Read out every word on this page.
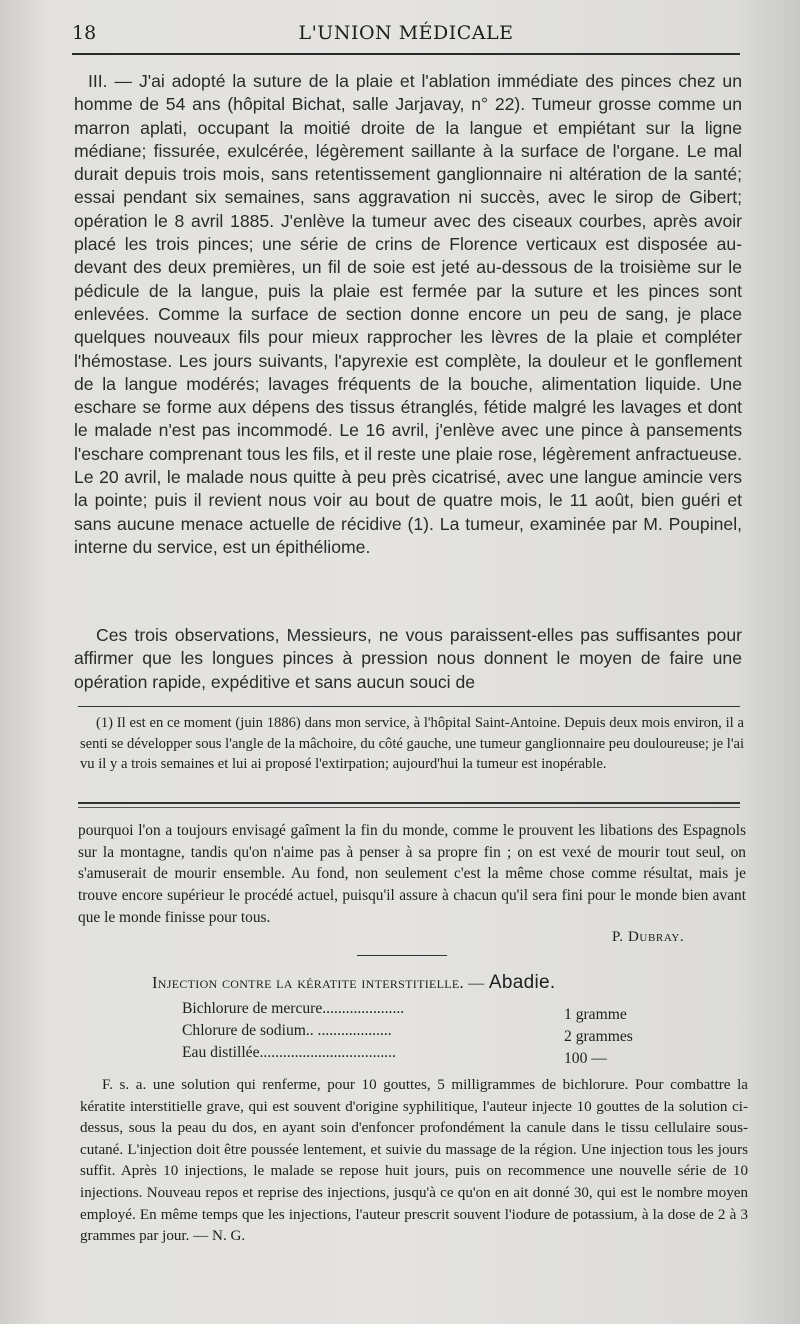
18	L'UNION MÉDICALE

III. — J'ai adopté la suture de la plaie et l'ablation immédiate des pinces chez un homme de 54 ans (hôpital Bichat, salle Jarjavay, n° 22). Tumeur grosse comme un marron aplati, occupant la moitié droite de la langue et empiétant sur la ligne médiane; fissurée, exulcérée, légèrement saillante à la surface de l'organe. Le mal durait depuis trois mois, sans retentissement ganglionnaire ni altération de la santé; essai pendant six semaines, sans aggravation ni succès, avec le sirop de Gibert; opération le 8 avril 1885. J'enlève la tumeur avec des ciseaux courbes, après avoir placé les trois pinces; une série de crins de Florence verticaux est disposée au-devant des deux premières, un fil de soie est jeté au-dessous de la troisième sur le pédicule de la langue, puis la plaie est fermée par la suture et les pinces sont enlevées. Comme la surface de section donne encore un peu de sang, je place quelques nouveaux fils pour mieux rapprocher les lèvres de la plaie et compléter l'hémostase. Les jours suivants, l'apyrexie est complète, la douleur et le gonflement de la langue modérés; lavages fréquents de la bouche, alimentation liquide. Une eschare se forme aux dépens des tissus étranglés, fétide malgré les lavages et dont le malade n'est pas incommodé. Le 16 avril, j'enlève avec une pince à pansements l'eschare comprenant tous les fils, et il reste une plaie rose, légèrement anfractueuse. Le 20 avril, le malade nous quitte à peu près cicatrisé, avec une langue amincie vers la pointe; puis il revient nous voir au bout de quatre mois, le 11 août, bien guéri et sans aucune menace actuelle de récidive (1). La tumeur, examinée par M. Poupinel, interne du service, est un épithéliome.

Ces trois observations, Messieurs, ne vous paraissent-elles pas suffisantes pour affirmer que les longues pinces à pression nous donnent le moyen de faire une opération rapide, expéditive et sans aucun souci de

(1) Il est en ce moment (juin 1886) dans mon service, à l'hôpital Saint-Antoine. Depuis deux mois environ, il a senti se développer sous l'angle de la mâchoire, du côté gauche, une tumeur ganglionnaire peu douloureuse; je l'ai vu il y a trois semaines et lui ai proposé l'extirpation; aujourd'hui la tumeur est inopérable.

pourquoi l'on a toujours envisagé gaîment la fin du monde, comme le prouvent les libations des Espagnols sur la montagne, tandis qu'on n'aime pas à penser à sa propre fin ; on est vexé de mourir tout seul, on s'amuserait de mourir ensemble. Au fond, non seulement c'est la même chose comme résultat, mais je trouve encore supérieur le procédé actuel, puisqu'il assure à chacun qu'il sera fini pour le monde bien avant que le monde finisse pour tous.

P. Dubray.
Injection contre la kératite interstitielle. — Abadie.
Bichlorure de mercure.....................	1 gramme
Chlorure de sodium.. ...................	2 grammes
Eau distillée...................................	100 —

F. s. a. une solution qui renferme, pour 10 gouttes, 5 milligrammes de bichlorure. Pour combattre la kératite interstitielle grave, qui est souvent d'origine syphilitique, l'auteur injecte 10 gouttes de la solution ci-dessus, sous la peau du dos, en ayant soin d'enfoncer profondément la canule dans le tissu cellulaire sous-cutané. L'injection doit être poussée lentement, et suivie du massage de la région. Une injection tous les jours suffit. Après 10 injections, le malade se repose huit jours, puis on recommence une nouvelle série de 10 injections. Nouveau repos et reprise des injections, jusqu'à ce qu'on en ait donné 30, qui est le nombre moyen employé. En même temps que les injections, l'auteur prescrit souvent l'iodure de potassium, à la dose de 2 à 3 grammes par jour. — N. G.
